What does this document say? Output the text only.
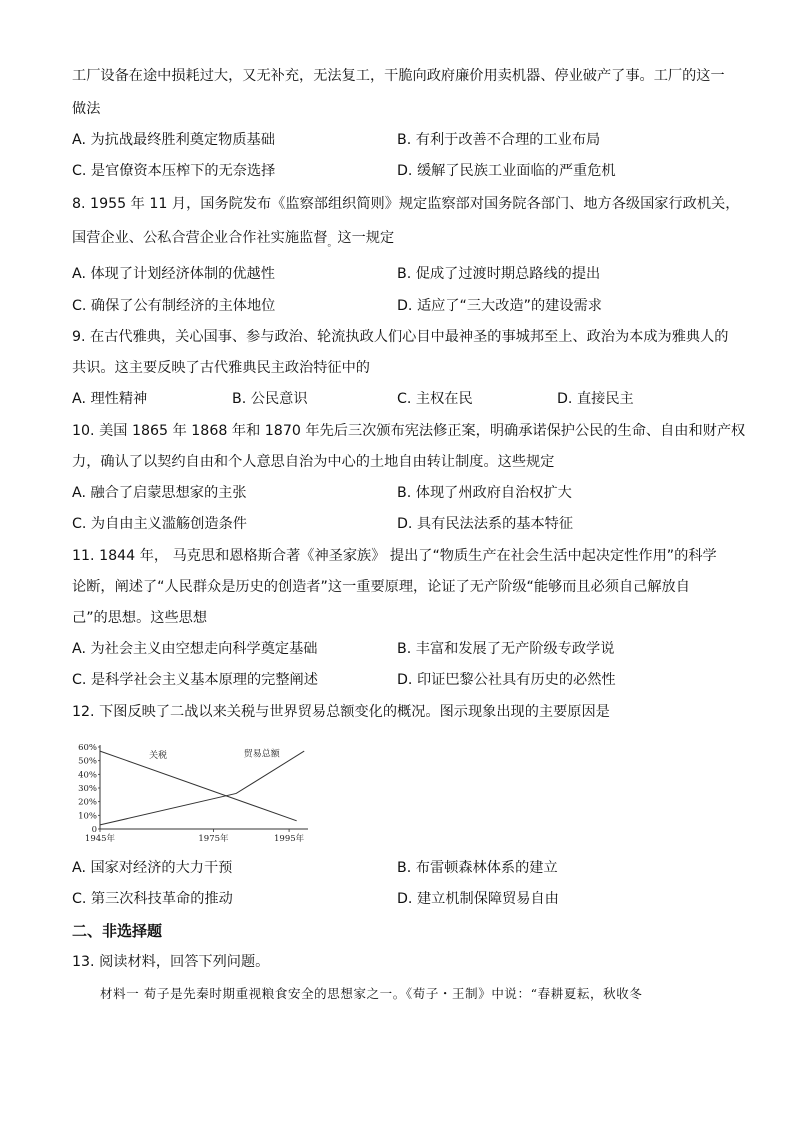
工厂设备在途中损耗过大，又无补充，无法复工，干脆向政府廉价用卖机器、停业破产了事。工厂的这一
做法
A. 为抗战最终胜利奠定物质基础	B. 有利于改善不合理的工业布局
C. 是官僚资本压榨下的无奈选择	D. 缓解了民族工业面临的严重危机
8. 1955 年 11 月，国务院发布《监察部组织简则》规定监察部对国务院各部门、地方各级国家行政机关，
国营企业、公私合营企业合作社实施监督$_。$这一规定
A. 体现了计划经济体制的优越性	B. 促成了过渡时期总路线的提出
C. 确保了公有制经济的主体地位	D. 适应了“三大改造”的建设需求
9. 在古代雅典，关心国事、参与政治、轮流执政人们心目中最神圣的事城邦至上、政治为本成为雅典人的
共识。这主要反映了古代雅典民主政治特征中的
A. 理性精神	B. 公民意识	C. 主权在民	D. 直接民主
10. 美国 1865 年 1868 年和 1870 年先后三次颁布宪法修正案，明确承诺保护公民的生命、自由和财产权
力，确认了以契约自由和个人意思自治为中心的土地自由转让制度。这些规定
A. 融合了启蒙思想家的主张	B. 体现了州政府自治权扩大
C. 为自由主义滥觞创造条件	D. 具有民法法系的基本特征
11. 1844 年， 马克思和恩格斯合著《神圣家族》 提出了“物质生产在社会生活中起决定性作用”的科学
论断，阐述了“人民群众是历史的创造者”这一重要原理，论证了无产阶级“能够而且必须自己解放自
己”的思想。这些思想
A. 为社会主义由空想走向科学奠定基础	B. 丰富和发展了无产阶级专政学说
C. 是科学社会主义基本原理的完整阐述	D. 印证巴黎公社具有历史的必然性
12. 下图反映了二战以来关税与世界贸易总额变化的概况。图示现象出现的主要原因是
60%
50%
40%
30%
20%
10%
0
1945年	1975年	1995年
关税	贸易总额
A. 国家对经济的大力干预	B. 布雷顿森林体系的建立
C. 第三次科技革命的推动	D. 建立机制保障贸易自由
二、非选择题
13. 阅读材料，回答下列问题。
材料一 荀子是先秦时期重视粮食安全的思想家之一。《荀子・王制》中说：“春耕夏耘，秋收冬
